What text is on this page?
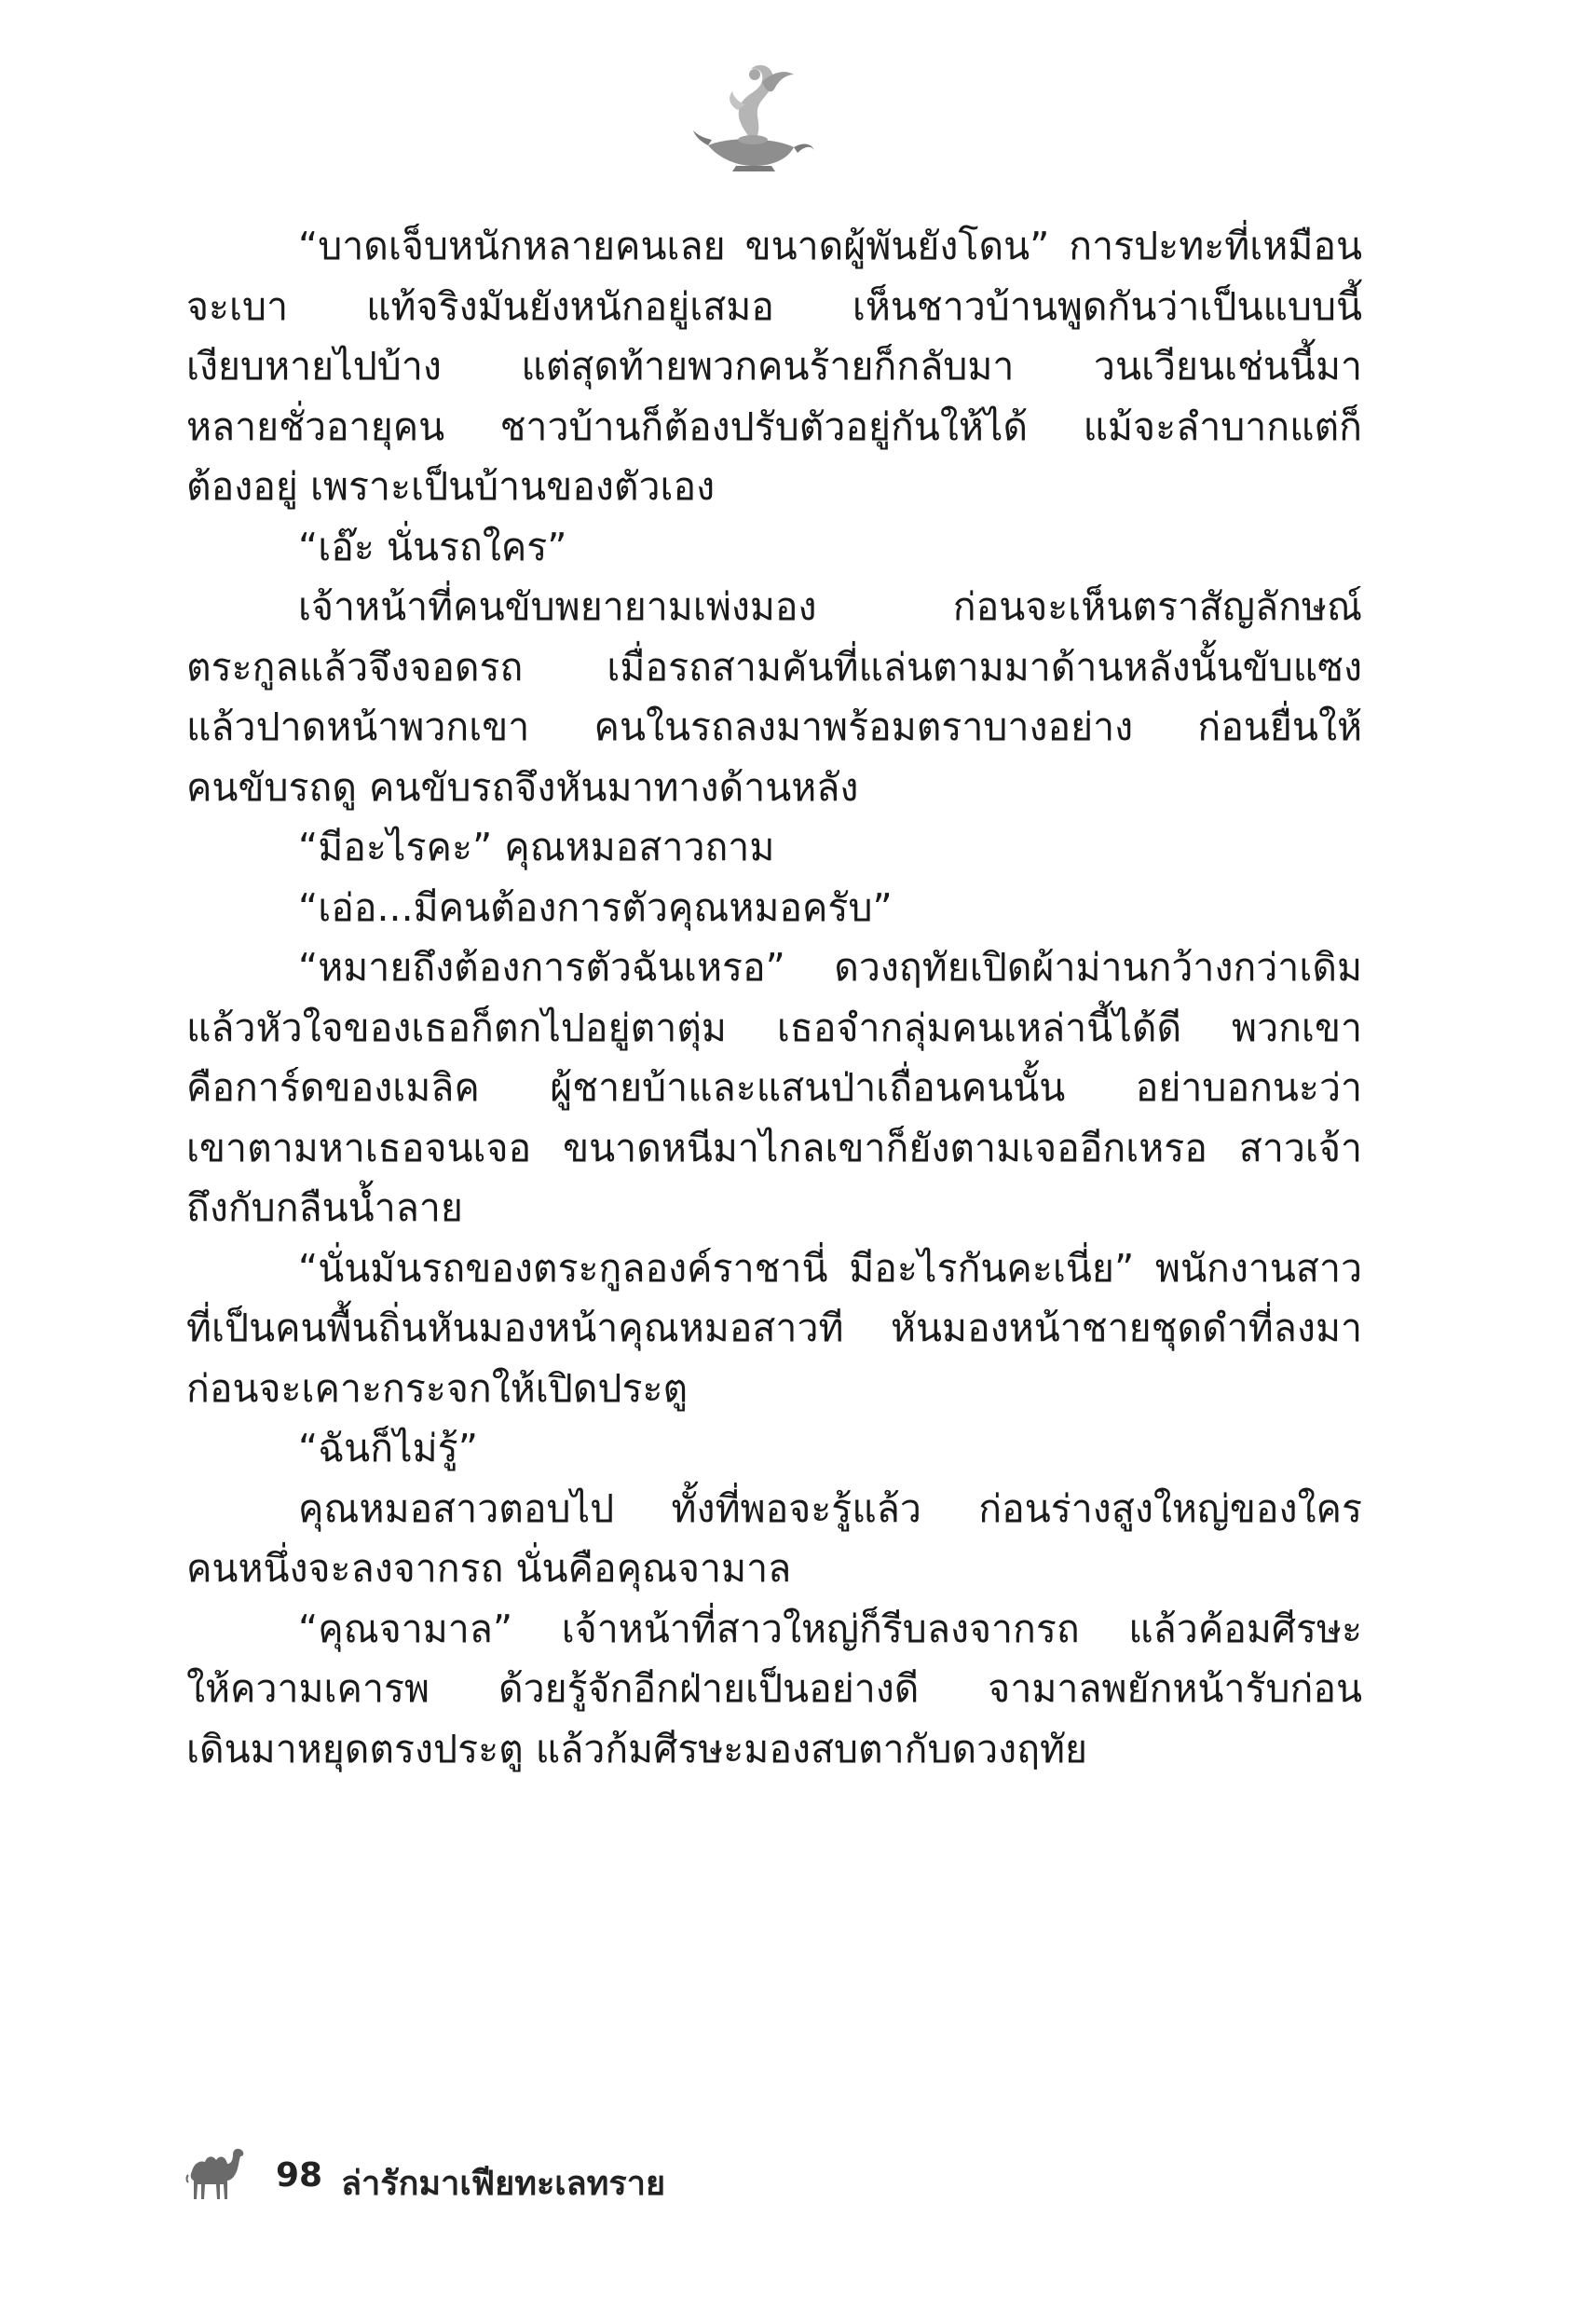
“บาดเจ็บหนักหลายคนเลย ขนาดผู้พันยังโดน” การปะทะที่เหมือน
จะเบา แท้จริงมันยังหนักอยู่เสมอ เห็นชาวบ้านพูดกันว่าเป็นแบบนี้
เงียบหายไปบ้าง แต่สุดท้ายพวกคนร้ายก็กลับมา วนเวียนเช่นนี้มา
หลายชั่วอายุคน ชาวบ้านก็ต้องปรับตัวอยู่กันให้ได้ แม้จะลำบากแต่ก็
ต้องอยู่ เพราะเป็นบ้านของตัวเอง
“เอ๊ะ นั่นรถใคร”
เจ้าหน้าที่คนขับพยายามเพ่งมอง ก่อนจะเห็นตราสัญลักษณ์
ตระกูลแล้วจึงจอดรถ เมื่อรถสามคันที่แล่นตามมาด้านหลังนั้นขับแซง
แล้วปาดหน้าพวกเขา คนในรถลงมาพร้อมตราบางอย่าง ก่อนยื่นให้
คนขับรถดู คนขับรถจึงหันมาทางด้านหลัง
“มีอะไรคะ” คุณหมอสาวถาม
“เอ่อ...มีคนต้องการตัวคุณหมอครับ”
“หมายถึงต้องการตัวฉันเหรอ” ดวงฤทัยเปิดผ้าม่านกว้างกว่าเดิม
แล้วหัวใจของเธอก็ตกไปอยู่ตาตุ่ม เธอจำกลุ่มคนเหล่านี้ได้ดี พวกเขา
คือการ์ดของเมลิค ผู้ชายบ้าและแสนป่าเถื่อนคนนั้น อย่าบอกนะว่า
เขาตามหาเธอจนเจอ ขนาดหนีมาไกลเขาก็ยังตามเจออีกเหรอ สาวเจ้า
ถึงกับกลืนน้ำลาย
“นั่นมันรถของตระกูลองค์ราชานี่ มีอะไรกันคะเนี่ย” พนักงานสาว
ที่เป็นคนพื้นถิ่นหันมองหน้าคุณหมอสาวที หันมองหน้าชายชุดดำที่ลงมา
ก่อนจะเคาะกระจกให้เปิดประตู
“ฉันก็ไม่รู้”
คุณหมอสาวตอบไป ทั้งที่พอจะรู้แล้ว ก่อนร่างสูงใหญ่ของใคร
คนหนึ่งจะลงจากรถ นั่นคือคุณจามาล
“คุณจามาล” เจ้าหน้าที่สาวใหญ่ก็รีบลงจากรถ แล้วค้อมศีรษะ
ให้ความเคารพ ด้วยรู้จักอีกฝ่ายเป็นอย่างดี จามาลพยักหน้ารับก่อน
เดินมาหยุดตรงประตู แล้วก้มศีรษะมองสบตากับดวงฤทัย
98 ล่ารักมาเฟียทะเลทราย
